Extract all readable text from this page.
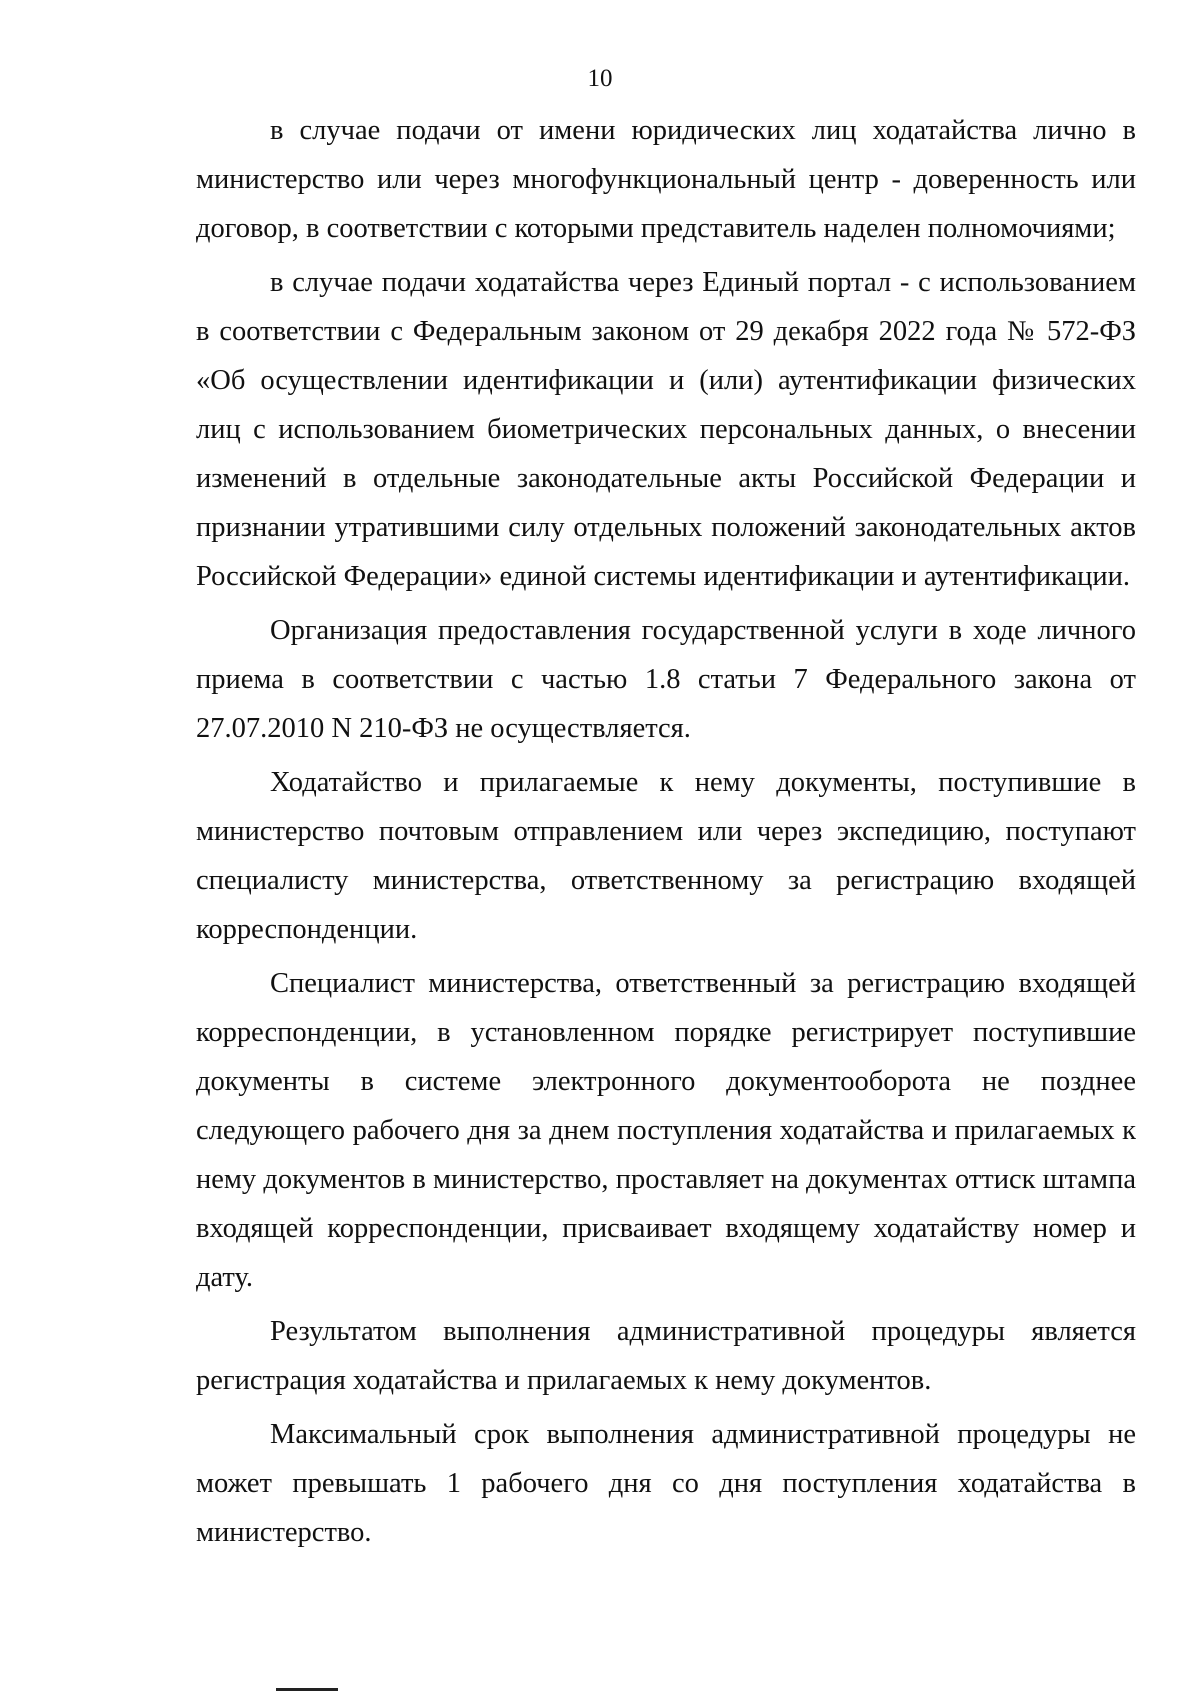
10

в случае подачи от имени юридических лиц ходатайства лично в министерство или через многофункциональный центр - доверенность или договор, в соответствии с которыми представитель наделен полномочиями;

в случае подачи ходатайства через Единый портал - с использованием в соответствии с Федеральным законом от 29 декабря 2022 года № 572-ФЗ «Об осуществлении идентификации и (или) аутентификации физических лиц с использованием биометрических персональных данных, о внесении изменений в отдельные законодательные акты Российской Федерации и признании утратившими силу отдельных положений законодательных актов Российской Федерации» единой системы идентификации и аутентификации.

Организация предоставления государственной услуги в ходе личного приема в соответствии с частью 1.8 статьи 7 Федерального закона от 27.07.2010 N 210-ФЗ не осуществляется.

Ходатайство и прилагаемые к нему документы, поступившие в министерство почтовым отправлением или через экспедицию, поступают специалисту министерства, ответственному за регистрацию входящей корреспонденции.

Специалист министерства, ответственный за регистрацию входящей корреспонденции, в установленном порядке регистрирует поступившие документы в системе электронного документооборота не позднее следующего рабочего дня за днем поступления ходатайства и прилагаемых к нему документов в министерство, проставляет на документах оттиск штампа входящей корреспонденции, присваивает входящему ходатайству номер и дату.

Результатом выполнения административной процедуры является регистрация ходатайства и прилагаемых к нему документов.

Максимальный срок выполнения административной процедуры не может превышать 1 рабочего дня со дня поступления ходатайства в министерство.
